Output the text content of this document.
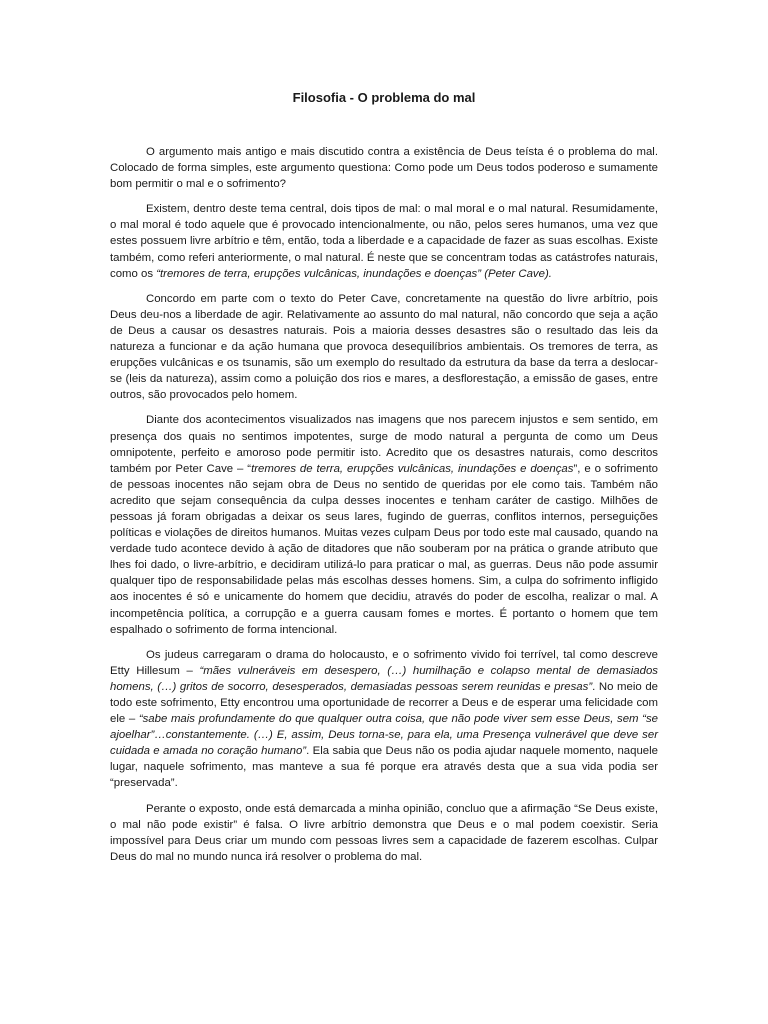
Filosofia - O problema do mal

O argumento mais antigo e mais discutido contra a existência de Deus teísta é o problema do mal. Colocado de forma simples, este argumento questiona: Como pode um Deus todos poderoso e sumamente bom permitir o mal e o sofrimento?

Existem, dentro deste tema central, dois tipos de mal: o mal moral e o mal natural. Resumidamente, o mal moral é todo aquele que é provocado intencionalmente, ou não, pelos seres humanos, uma vez que estes possuem livre arbítrio e têm, então, toda a liberdade e a capacidade de fazer as suas escolhas. Existe também, como referi anteriormente, o mal natural. É neste que se concentram todas as catástrofes naturais, como os “tremores de terra, erupções vulcânicas, inundações e doenças” (Peter Cave).

Concordo em parte com o texto do Peter Cave, concretamente na questão do livre arbítrio, pois Deus deu-nos a liberdade de agir. Relativamente ao assunto do mal natural, não concordo que seja a ação de Deus a causar os desastres naturais. Pois a maioria desses desastres são o resultado das leis da natureza a funcionar e da ação humana que provoca desequilíbrios ambientais. Os tremores de terra, as erupções vulcânicas e os tsunamis, são um exemplo do resultado da estrutura da base da terra a deslocar-se (leis da natureza), assim como a poluição dos rios e mares, a desflorestação, a emissão de gases, entre outros, são provocados pelo homem.

Diante dos acontecimentos visualizados nas imagens que nos parecem injustos e sem sentido, em presença dos quais no sentimos impotentes, surge de modo natural a pergunta de como um Deus omnipotente, perfeito e amoroso pode permitir isto. Acredito que os desastres naturais, como descritos também por Peter Cave – “tremores de terra, erupções vulcânicas, inundações e doenças”, e o sofrimento de pessoas inocentes não sejam obra de Deus no sentido de queridas por ele como tais. Também não acredito que sejam consequência da culpa desses inocentes e tenham caráter de castigo. Milhões de pessoas já foram obrigadas a deixar os seus lares, fugindo de guerras, conflitos internos, perseguições políticas e violações de direitos humanos. Muitas vezes culpam Deus por todo este mal causado, quando na verdade tudo acontece devido à ação de ditadores que não souberam por na prática o grande atributo que lhes foi dado, o livre-arbítrio, e decidiram utilizá-lo para praticar o mal, as guerras. Deus não pode assumir qualquer tipo de responsabilidade pelas más escolhas desses homens. Sim, a culpa do sofrimento infligido aos inocentes é só e unicamente do homem que decidiu, através do poder de escolha, realizar o mal. A incompetência política, a corrupção e a guerra causam fomes e mortes. É portanto o homem que tem espalhado o sofrimento de forma intencional.

Os judeus carregaram o drama do holocausto, e o sofrimento vivido foi terrível, tal como descreve Etty Hillesum – “mães vulneráveis em desespero, (…) humilhação e colapso mental de demasiados homens, (…) gritos de socorro, desesperados, demasiadas pessoas serem reunidas e presas”. No meio de todo este sofrimento, Etty encontrou uma oportunidade de recorrer a Deus e de esperar uma felicidade com ele – “sabe mais profundamente do que qualquer outra coisa, que não pode viver sem esse Deus, sem “se ajoelhar”…constantemente. (…) E, assim, Deus torna-se, para ela, uma Presença vulnerável que deve ser cuidada e amada no coração humano”. Ela sabia que Deus não os podia ajudar naquele momento, naquele lugar, naquele sofrimento, mas manteve a sua fé porque era através desta que a sua vida podia ser “preservada”.

Perante o exposto, onde está demarcada a minha opinião, concluo que a afirmação “Se Deus existe, o mal não pode existir” é falsa. O livre arbítrio demonstra que Deus e o mal podem coexistir. Seria impossível para Deus criar um mundo com pessoas livres sem a capacidade de fazerem escolhas. Culpar Deus do mal no mundo nunca irá resolver o problema do mal.
